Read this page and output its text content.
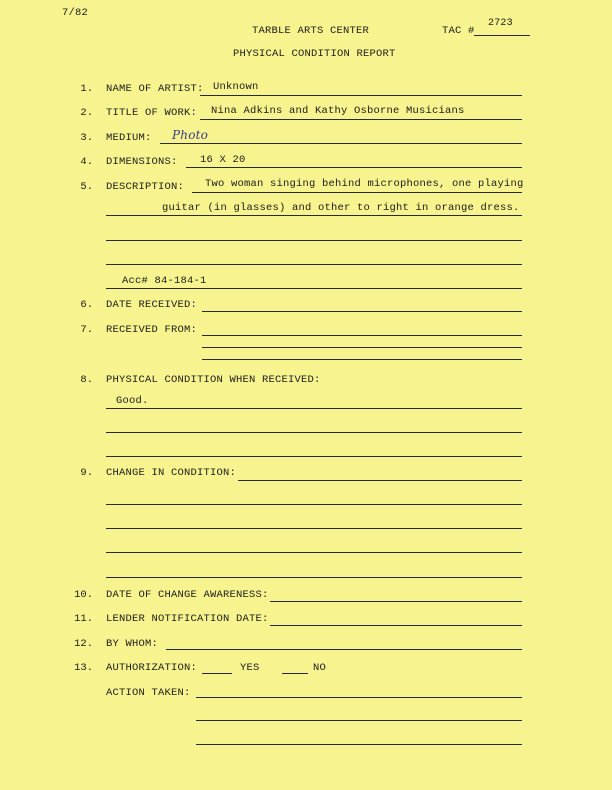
7/82
TARBLE ARTS CENTER	TAC #
2723
PHYSICAL CONDITION REPORT
1. NAME OF ARTIST: Unknown
2. TITLE OF WORK: Nina Adkins and Kathy Osborne Musicians
3. MEDIUM: Photo
4. DIMENSIONS: 16 X 20
5. DESCRIPTION: Two woman singing behind microphones, one playing
guitar (in glasses) and other to right in orange dress.
Acc# 84-184-1
6. DATE RECEIVED:
7. RECEIVED FROM:
8. PHYSICAL CONDITION WHEN RECEIVED:
Good.
9. CHANGE IN CONDITION:
10. DATE OF CHANGE AWARENESS:
11. LENDER NOTIFICATION DATE:
12. BY WHOM:
13. AUTHORIZATION:	YES	NO
ACTION TAKEN:
